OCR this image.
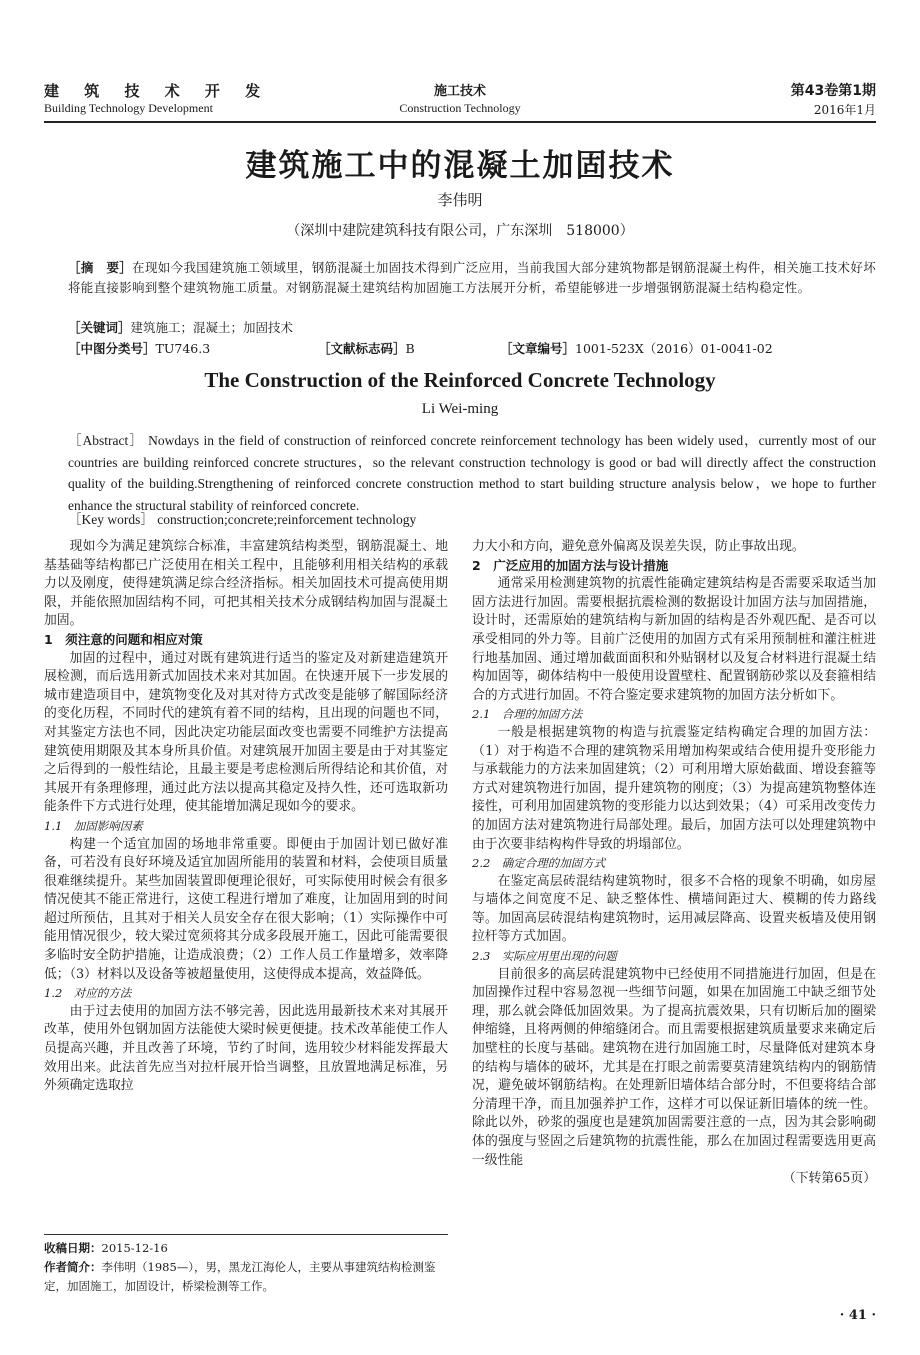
建 筑 技 术 开 发
Building Technology Development
施工技术
Construction Technology
第43卷第1期
2016年1月
建筑施工中的混凝土加固技术
李伟明
（深圳中建院建筑科技有限公司，广东深圳　518000）
［摘　要］在现如今我国建筑施工领域里，钢筋混凝土加固技术得到广泛应用，当前我国大部分建筑物都是钢筋混凝土构件，相关施工技术好坏将能直接影响到整个建筑物施工质量。对钢筋混凝土建筑结构加固施工方法展开分析，希望能够进一步增强钢筋混凝土结构稳定性。
［关键词］建筑施工；混凝土；加固技术
［中图分类号］TU746.3	［文献标志码］B	［文章编号］1001-523X（2016）01-0041-02
The Construction of the Reinforced Concrete Technology
Li Wei-ming
［Abstract］ Nowdays in the field of construction of reinforced concrete reinforcement technology has been widely used，currently most of our countries are building reinforced concrete structures，so the relevant construction technology is good or bad will directly affect the construction quality of the building.Strengthening of reinforced concrete construction method to start building structure analysis below，we hope to further enhance the structural stability of reinforced concrete.
［Key words］ construction;concrete;reinforcement technology

现如今为满足建筑综合标准，丰富建筑结构类型，钢筋混凝土、地基基础等结构都已广泛使用在相关工程中，且能够利用相关结构的承载力以及刚度，使得建筑满足综合经济指标。相关加固技术可提高使用期限，并能依照加固结构不同，可把其相关技术分成钢结构加固与混凝土加固。

1　须注意的问题和相应对策

加固的过程中，通过对既有建筑进行适当的鉴定及对新建造建筑开展检测，而后选用新式加固技术来对其加固。在快速开展下一步发展的城市建造项目中，建筑物变化及对其对待方式改变是能够了解国际经济的变化历程，不同时代的建筑有着不同的结构，且出现的问题也不同，对其鉴定方法也不同，因此决定功能层面改变也需要不同维护方法提高建筑使用期限及其本身所具价值。对建筑展开加固主要是由于对其鉴定之后得到的一般性结论，且最主要是考虑检测后所得结论和其价值，对其展开有条理修理，通过此方法以提高其稳定及持久性，还可选取新功能条件下方式进行处理，使其能增加满足现如今的要求。

1.1　加固影响因素

构建一个适宜加固的场地非常重要。即便由于加固计划已做好准备，可若没有良好环境及适宜加固所能用的装置和材料，会使项目质量很难继续提升。某些加固装置即便理论很好，可实际使用时候会有很多情况使其不能正常进行，这使工程进行增加了难度，让加固用到的时间超过所预估，且其对于相关人员安全存在很大影响；（1）实际操作中可能用情况很少，较大梁过宽须将其分成多段展开施工，因此可能需要很多临时安全防护措施，让造成浪费；（2）工作人员工作量增多，效率降低；（3）材料以及设备等被超量使用，这使得成本提高，效益降低。

1.2　对应的方法

由于过去使用的加固方法不够完善，因此选用最新技术来对其展开改革，使用外包钢加固方法能使大梁时候更便捷。技术改革能使工作人员提高兴趣，并且改善了环境，节约了时间，选用较少材料能发挥最大效用出来。此法首先应当对拉杆展开恰当调整，且放置地满足标准，另外须确定选取拉

力大小和方向，避免意外偏离及误差失误，防止事故出现。

2　广泛应用的加固方法与设计措施

通常采用检测建筑物的抗震性能确定建筑结构是否需要采取适当加固方法进行加固。需要根据抗震检测的数据设计加固方法与加固措施，设计时，还需原始的建筑结构与新加固的结构是否外观匹配、是否可以承受相同的外力等。目前广泛使用的加固方式有采用预制桩和灌注桩进行地基加固、通过增加截面面积和外贴钢材以及复合材料进行混凝土结构加固等，砌体结构中一般使用设置壁柱、配置钢筋砂浆以及套箍相结合的方式进行加固。不符合鉴定要求建筑物的加固方法分析如下。

2.1　合理的加固方法

一般是根据建筑物的构造与抗震鉴定结构确定合理的加固方法：（1）对于构造不合理的建筑物采用增加构架或结合使用提升变形能力与承载能力的方法来加固建筑；（2）可利用增大原始截面、增设套箍等方式对建筑物进行加固，提升建筑物的刚度；（3）为提高建筑物整体连接性，可利用加固建筑物的变形能力以达到效果；（4）可采用改变传力的加固方法对建筑物进行局部处理。最后，加固方法可以处理建筑物中由于次要非结构构件导致的坍塌部位。

2.2　确定合理的加固方式

在鉴定高层砖混结构建筑物时，很多不合格的现象不明确，如房屋与墙体之间宽度不足、缺乏整体性、横墙间距过大、模糊的传力路线等。加固高层砖混结构建筑物时，运用减层降高、设置夹板墙及使用钢拉杆等方式加固。

2.3　实际应用里出现的问题

目前很多的高层砖混建筑物中已经使用不同措施进行加固，但是在加固操作过程中容易忽视一些细节问题，如果在加固施工中缺乏细节处理，那么就会降低加固效果。为了提高抗震效果，只有切断后加的圈梁伸缩缝，且将两侧的伸缩缝闭合。而且需要根据建筑质量要求来确定后加壁柱的长度与基础。建筑物在进行加固施工时，尽量降低对建筑本身的结构与墙体的破坏，尤其是在打眼之前需要莫清建筑结构内的钢筋情况，避免破坏钢筋结构。在处理新旧墙体结合部分时，不但要将结合部分清理干净，而且加强养护工作，这样才可以保证新旧墙体的统一性。除此以外，砂浆的强度也是建筑加固需要注意的一点，因为其会影响砌体的强度与竖固之后建筑物的抗震性能，那么在加固过程需要选用更高一级性能

（下转第65页）

收稿日期：2015-12-16
作者简介：李伟明（1985—），男，黑龙江海伦人，主要从事建筑结构检测鉴定，加固施工，加固设计，桥梁检测等工作。
· 41 ·
